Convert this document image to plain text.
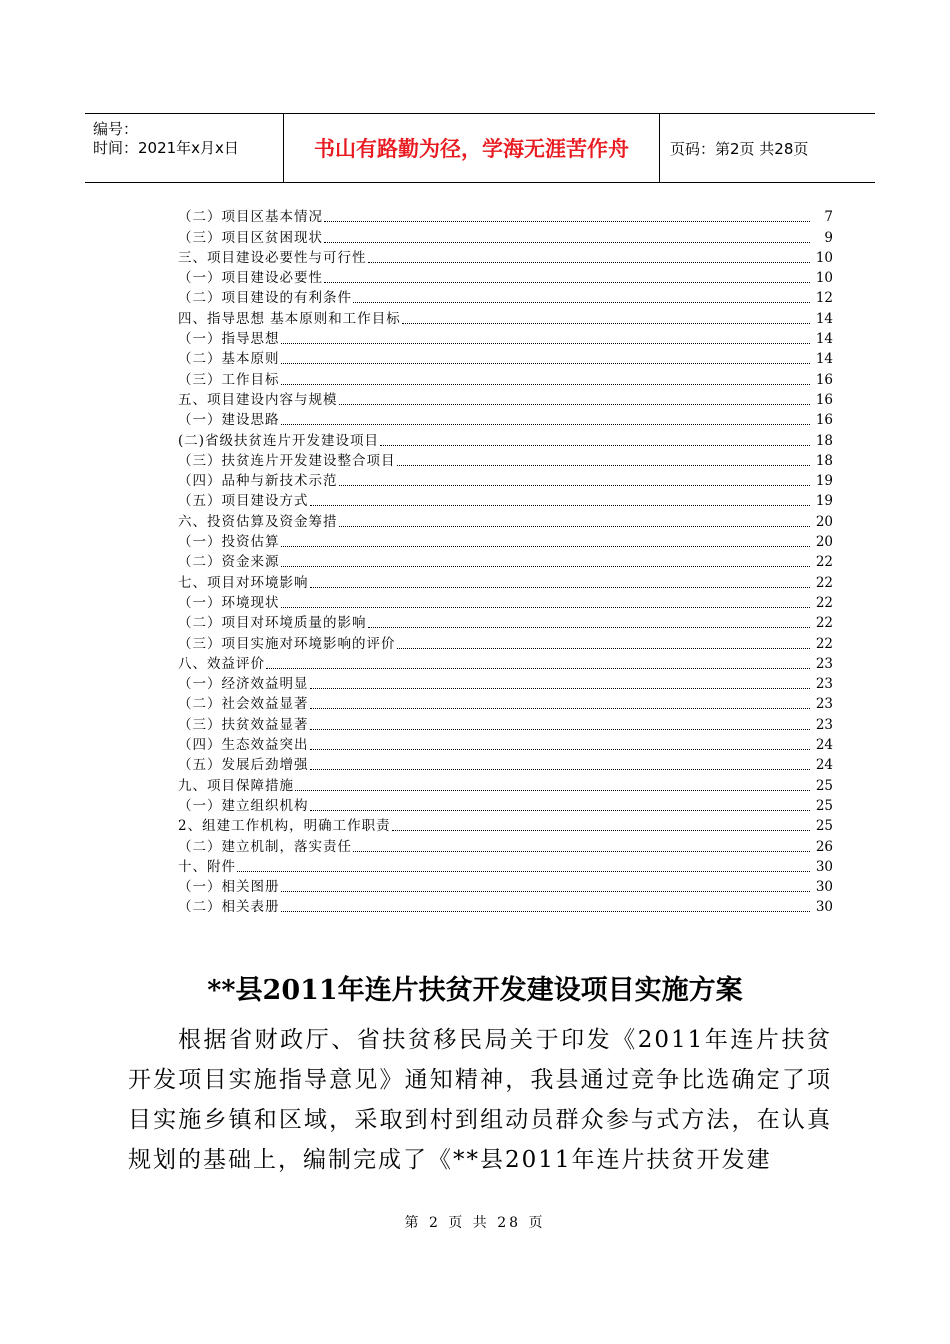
编号：
时间：2021年x月x日	书山有路勤为径，学海无涯苦作舟	页码：第2页 共28页
（二）项目区基本情况	7
（三）项目区贫困现状	9
三、项目建设必要性与可行性	10
（一）项目建设必要性	10
（二）项目建设的有利条件	12
四、指导思想 基本原则和工作目标	14
（一）指导思想	14
（二）基本原则	14
（三）工作目标	16
五、项目建设内容与规模	16
（一）建设思路	16
(二)省级扶贫连片开发建设项目	18
（三）扶贫连片开发建设整合项目	18
（四）品种与新技术示范	19
（五）项目建设方式	19
六、投资估算及资金筹措	20
（一）投资估算	20
（二）资金来源	22
七、项目对环境影响	22
（一）环境现状	22
（二）项目对环境质量的影响	22
（三）项目实施对环境影响的评价	22
八、效益评价	23
（一）经济效益明显	23
（二）社会效益显著	23
（三）扶贫效益显著	23
（四）生态效益突出	24
（五）发展后劲增强	24
九、项目保障措施	25
（一）建立组织机构	25
2、组建工作机构，明确工作职责	25
（二）建立机制，落实责任	26
十、附件	30
（一）相关图册	30
（二）相关表册	30
**县2011年连片扶贫开发建设项目实施方案

根据省财政厅、省扶贫移民局关于印发《2011年连片扶贫开发项目实施指导意见》通知精神，我县通过竞争比选确定了项目实施乡镇和区域，采取到村到组动员群众参与式方法，在认真规划的基础上，编制完成了《**县2011年连片扶贫开发建

第 2 页 共 28 页
